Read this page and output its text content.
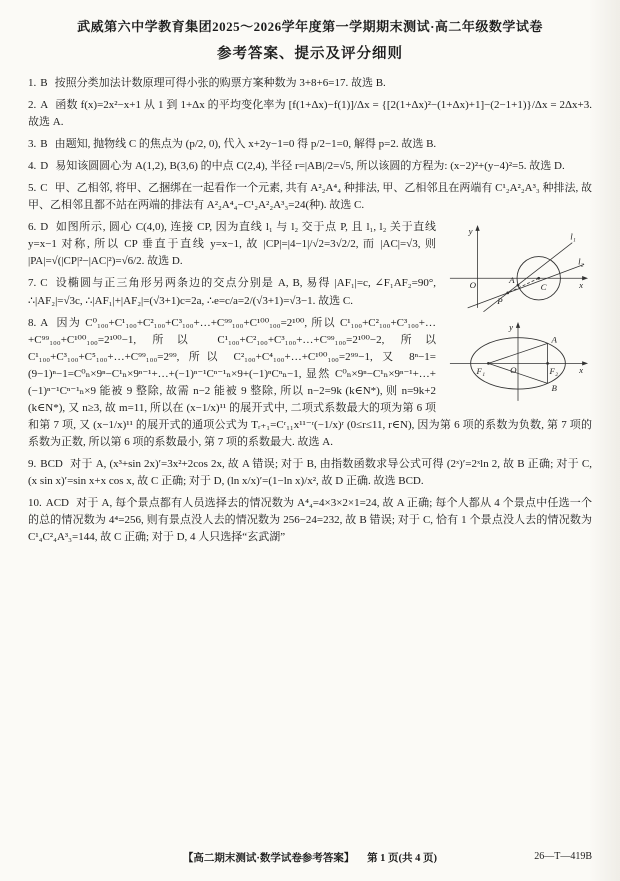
武威第六中学教育集团2025～2026学年度第一学期期末测试·高二年级数学试卷
参考答案、提示及评分细则

1. B 按照分类加法计数原理可得小张的购票方案种数为 3+8+6=17. 故选 B.

2. A 函数 f(x)=2x²−x+1 从 1 到 1+Δx 的平均变化率为 [f(1+Δx)−f(1)]/Δx = {[2(1+Δx)²−(1+Δx)+1]−(2−1+1)}/Δx = 2Δx+3. 故选 A.

3. B 由题知, 抛物线 C 的焦点为 (p/2, 0), 代入 x+2y−1=0 得 p/2−1=0, 解得 p=2. 故选 B.

4. D 易知该圆圆心为 A(1,2), B(3,6) 的中点 C(2,4), 半径 r=|AB|/2=√5, 所以该圆的方程为: (x−2)²+(y−4)²=5. 故选 D.

5. C 甲、乙相邻, 将甲、乙捆绑在一起看作一个元素, 共有 A²₂A⁴₄ 种排法, 甲、乙相邻且在两端有 C¹₂A²₂A³₃ 种排法, 故甲、乙相邻且都不站在两端的排法有 A²₂A⁴₄−C¹₂A²₂A³₃=24(种). 故选 C.

y
x
O	C
P
A
l₁
l₂
y
x
O
F₁	F₂
A
B

6. D 如图所示, 圆心 C(4,0), 连接 CP, 因为直线 l₁ 与 l₂ 交于点 P, 且 l₁, l₂ 关于直线 y=x−1 对称, 所以 CP 垂直于直线 y=x−1, 故 |CP|=|4−1|/√2=3√2/2, 而 |AC|=√3, 则 |PA|=√(|CP|²−|AC|²)=√6/2. 故选 D.

7. C 设椭圆与正三角形另两条边的交点分别是 A, B, 易得 |AF₁|=c, ∠F₁AF₂=90°, ∴|AF₂|=√3c, ∴|AF₁|+|AF₂|=(√3+1)c=2a, ∴e=c/a=2/(√3+1)=√3−1. 故选 C.

8. A 因为 C⁰₁₀₀+C¹₁₀₀+C²₁₀₀+C³₁₀₀+…+C⁹⁹₁₀₀+C¹⁰⁰₁₀₀=2¹⁰⁰, 所以 C¹₁₀₀+C²₁₀₀+C³₁₀₀+…+C⁹⁹₁₀₀+C¹⁰⁰₁₀₀=2¹⁰⁰−1, 所以 C¹₁₀₀+C²₁₀₀+C³₁₀₀+…+C⁹⁹₁₀₀=2¹⁰⁰−2, 所以 C¹₁₀₀+C³₁₀₀+C⁵₁₀₀+…+C⁹⁹₁₀₀=2⁹⁹, 所以 C²₁₀₀+C⁴₁₀₀+…+C¹⁰⁰₁₀₀=2⁹⁹−1, 又 8ⁿ−1=(9−1)ⁿ−1=C⁰ₙ×9ⁿ−C¹ₙ×9ⁿ⁻¹+…+(−1)ⁿ⁻¹Cⁿ⁻¹ₙ×9+(−1)ⁿCⁿₙ−1, 显然 C⁰ₙ×9ⁿ−C¹ₙ×9ⁿ⁻¹+…+(−1)ⁿ⁻¹Cⁿ⁻¹ₙ×9 能被 9 整除, 故需 n−2 能被 9 整除, 所以 n−2=9k (k∈N*), 则 n=9k+2 (k∈N*), 又 n≥3, 故 m=11, 所以在 (x−1/x)¹¹ 的展开式中, 二项式系数最大的项为第 6 项和第 7 项, 又 (x−1/x)¹¹ 的展开式的通项公式为 Tᵣ₊₁=Cʳ₁₁x¹¹⁻ʳ(−1/x)ʳ (0≤r≤11, r∈N), 因为第 6 项的系数为负数, 第 7 项的系数为正数, 所以第 6 项的系数最小, 第 7 项的系数最大. 故选 A.

9. BCD 对于 A, (x³+sin 2x)′=3x²+2cos 2x, 故 A 错误; 对于 B, 由指数函数求导公式可得 (2ˣ)′=2ˣln 2, 故 B 正确; 对于 C, (x sin x)′=sin x+x cos x, 故 C 正确; 对于 D, (ln x/x)′=(1−ln x)/x², 故 D 正确. 故选 BCD.

10. ACD 对于 A, 每个景点都有人员选择去的情况数为 A⁴₄=4×3×2×1=24, 故 A 正确; 每个人都从 4 个景点中任选一个的总的情况数为 4⁴=256, 则有景点没人去的情况数为 256−24=232, 故 B 错误; 对于 C, 恰有 1 个景点没人去的情况数为 C¹₄C²₄A³₃=144, 故 C 正确; 对于 D, 4 人只选择“玄武湖”

【高二期末测试·数学试卷参考答案】 第 1 页(共 4 页)	26—T—419B
